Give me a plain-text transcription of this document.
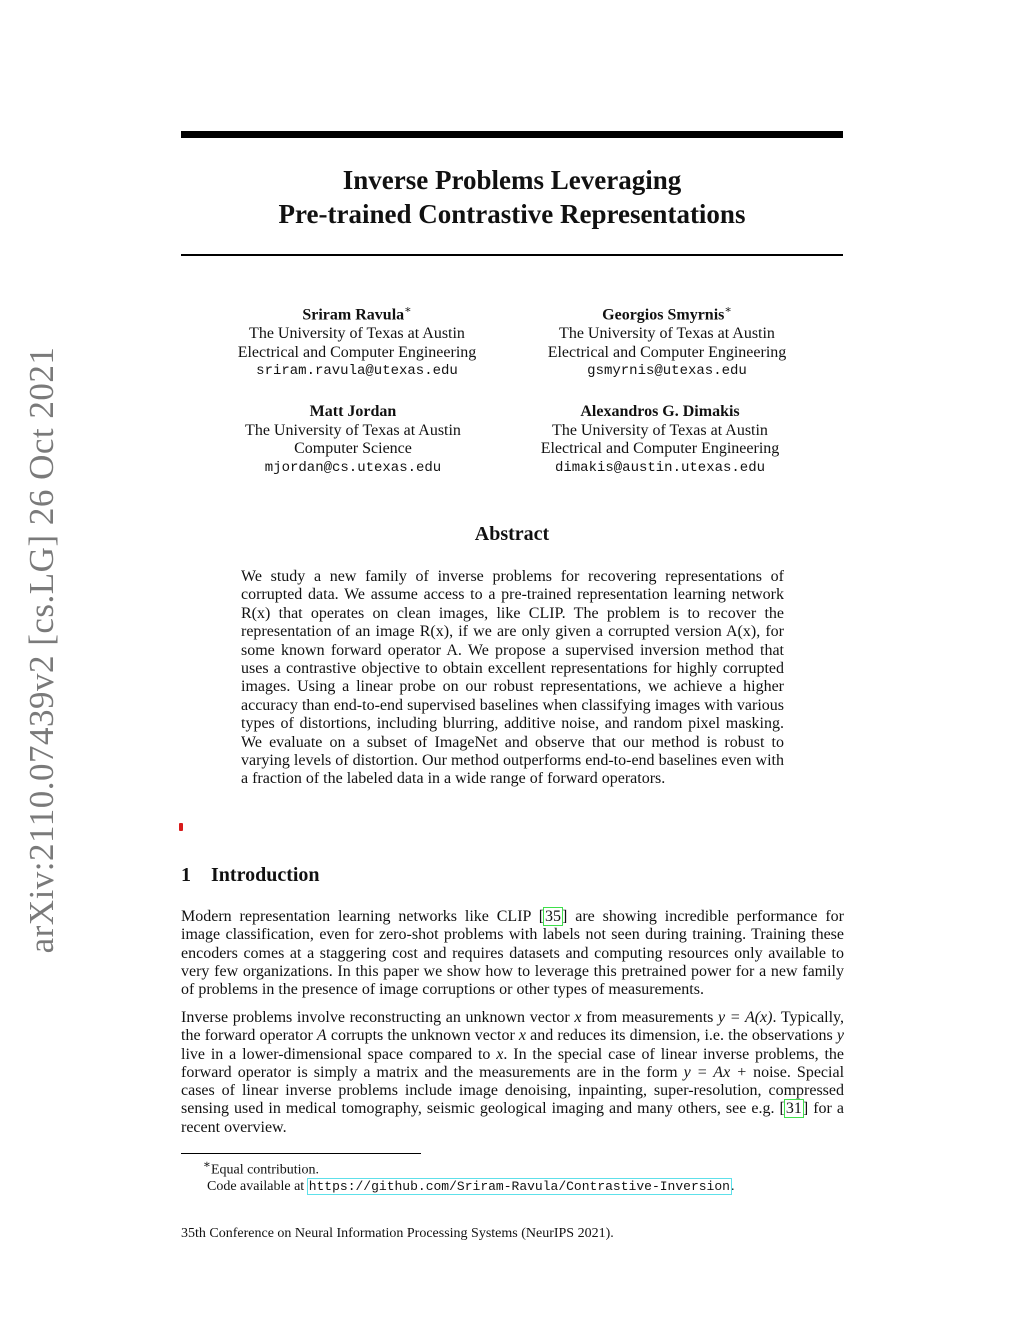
arXiv:2110.07439v2 [cs.LG] 26 Oct 2021
Inverse Problems Leveraging
Pre-trained Contrastive Representations
Sriram Ravula∗
The University of Texas at Austin
Electrical and Computer Engineering
sriram.ravula@utexas.edu
Georgios Smyrnis∗
The University of Texas at Austin
Electrical and Computer Engineering
gsmyrnis@utexas.edu
Matt Jordan
The University of Texas at Austin
Computer Science
mjordan@cs.utexas.edu
Alexandros G. Dimakis
The University of Texas at Austin
Electrical and Computer Engineering
dimakis@austin.utexas.edu
Abstract
We study a new family of inverse problems for recovering representations of corrupted data. We assume access to a pre-trained representation learning network R(x) that operates on clean images, like CLIP. The problem is to recover the representation of an image R(x), if we are only given a corrupted version A(x), for some known forward operator A. We propose a supervised inversion method that uses a contrastive objective to obtain excellent representations for highly corrupted images. Using a linear probe on our robust representations, we achieve a higher accuracy than end-to-end supervised baselines when classifying images with various types of distortions, including blurring, additive noise, and random pixel masking. We evaluate on a subset of ImageNet and observe that our method is robust to varying levels of distortion. Our method outperforms end-to-end baselines even with a fraction of the labeled data in a wide range of forward operators.
1 Introduction
Modern representation learning networks like CLIP [35] are showing incredible performance for image classification, even for zero-shot problems with labels not seen during training. Training these encoders comes at a staggering cost and requires datasets and computing resources only available to very few organizations. In this paper we show how to leverage this pretrained power for a new family of problems in the presence of image corruptions or other types of measurements.
Inverse problems involve reconstructing an unknown vector x from measurements y = A(x). Typically, the forward operator A corrupts the unknown vector x and reduces its dimension, i.e. the observations y live in a lower-dimensional space compared to x. In the special case of linear inverse problems, the forward operator is simply a matrix and the measurements are in the form y = Ax + noise. Special cases of linear inverse problems include image denoising, inpainting, super-resolution, compressed sensing used in medical tomography, seismic geological imaging and many others, see e.g. [31] for a recent overview.
∗Equal contribution.
Code available at https://github.com/Sriram-Ravula/Contrastive-Inversion.
35th Conference on Neural Information Processing Systems (NeurIPS 2021).
